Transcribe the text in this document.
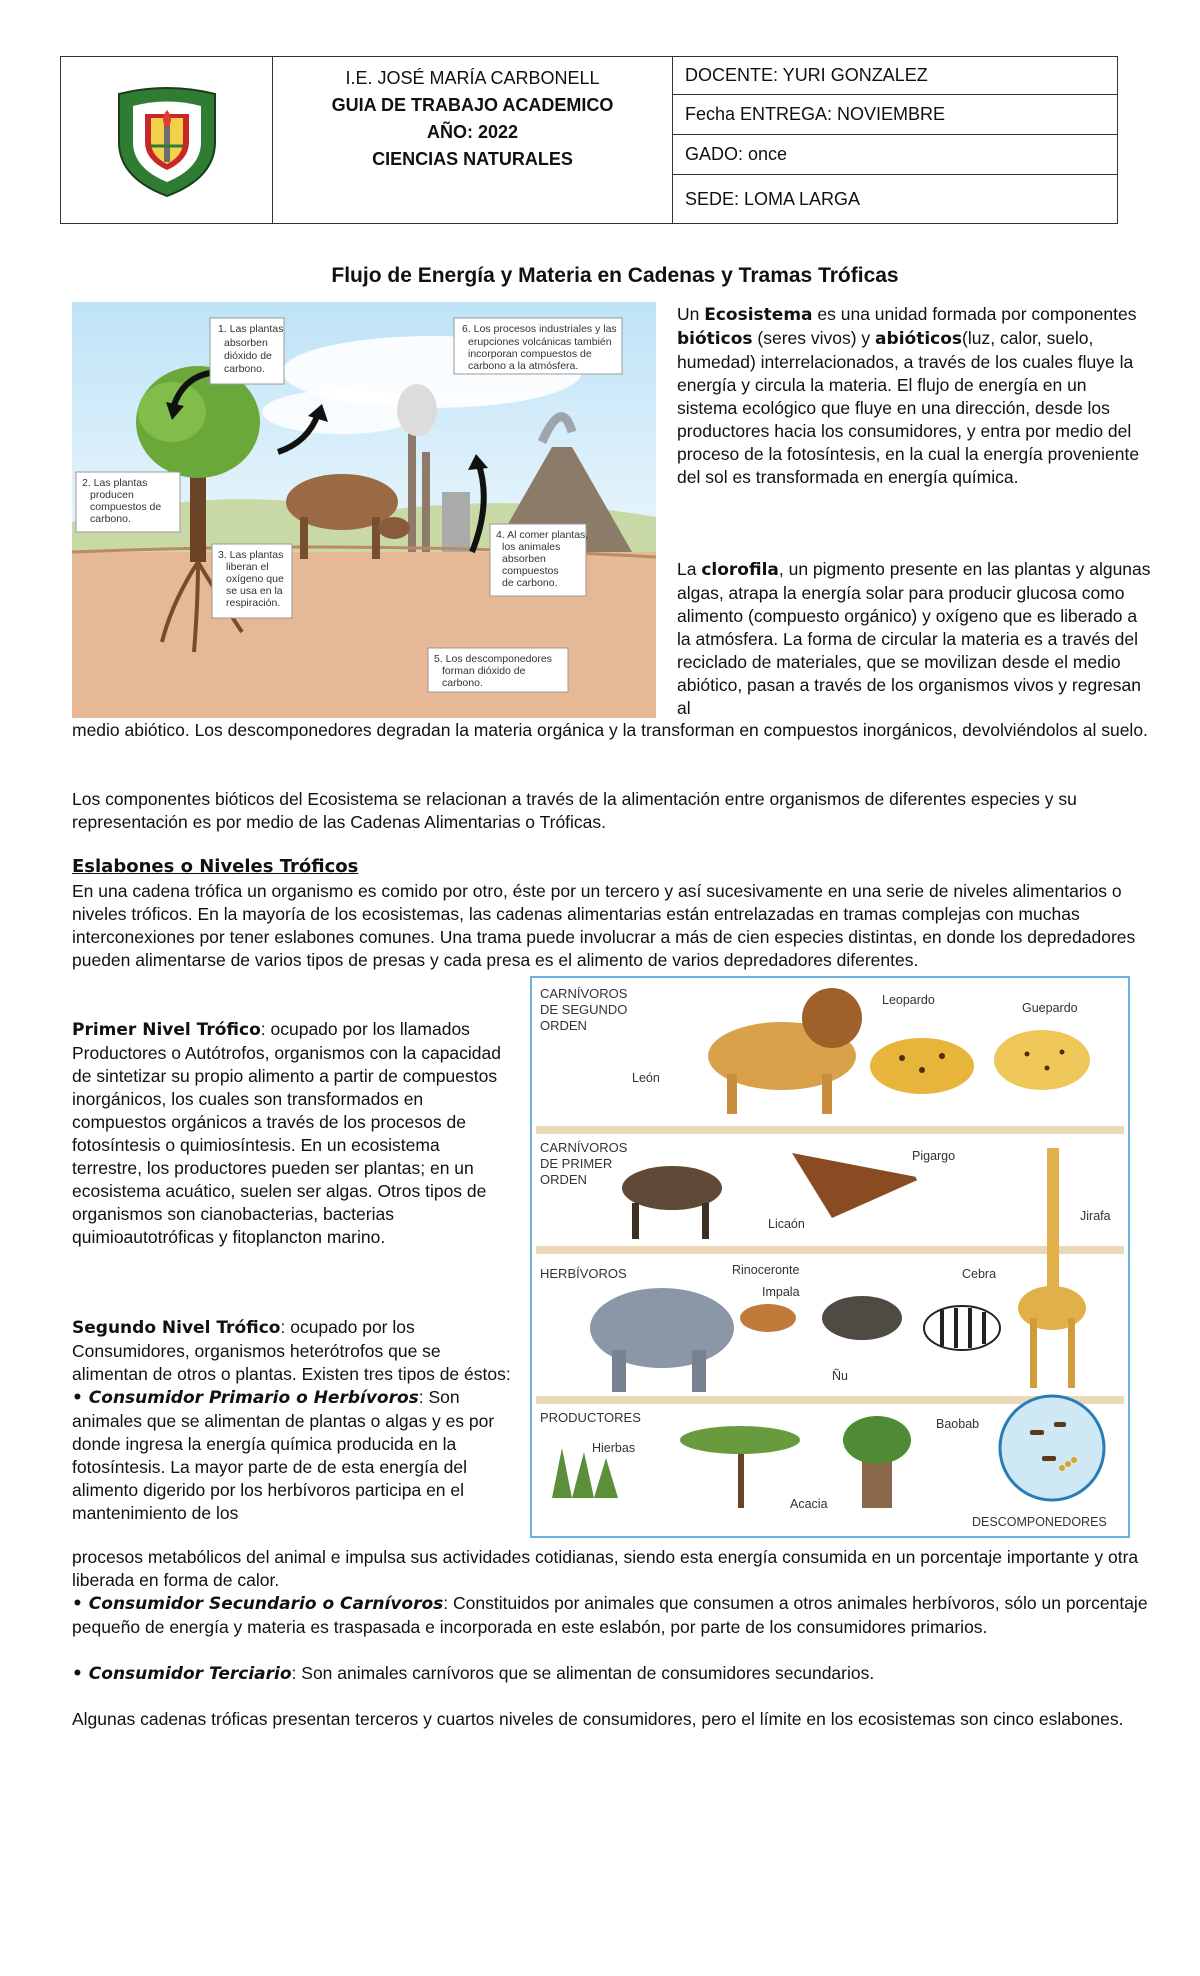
I.E. JOSÉ MARÍA CARBONELL
GUIA DE TRABAJO ACADEMICO
AÑO: 2022
CIENCIAS NATURALES
DOCENTE: YURI GONZALEZ
Fecha ENTREGA: NOVIEMBRE
GADO: once
SEDE: LOMA LARGA
Flujo de Energía y Materia en Cadenas y Tramas Tróficas
1. Las plantas
absorben
dióxido de
carbono.
6. Los procesos industriales y las
erupciones volcánicas también
incorporan compuestos de
carbono a la atmósfera.
2. Las plantas
producen
compuestos de
carbono.
3. Las plantas
liberan el
oxígeno que
se usa en la
respiración.
4. Al comer plantas,
los animales
absorben
compuestos
de carbono.
5. Los descomponedores
forman dióxido de
carbono.

Un Ecosistema es una unidad formada por componentes bióticos (seres vivos) y abióticos(luz, calor, suelo, humedad) interrelacionados, a través de los cuales fluye la energía y circula la materia. El flujo de energía en un sistema ecológico que fluye en una dirección, desde los productores hacia los consumidores, y entra por medio del proceso de la fotosíntesis, en la cual la energía proveniente del sol es transformada en energía química.

La clorofila, un pigmento presente en las plantas y algunas algas, atrapa la energía solar para producir glucosa como alimento (compuesto orgánico) y oxígeno que es liberado a la atmósfera. La forma de circular la materia es a través del reciclado de materiales, que se movilizan desde el medio abiótico, pasan a través de los organismos vivos y regresan al

medio abiótico. Los descomponedores degradan la materia orgánica y la transforman en compuestos inorgánicos, devolviéndolos al suelo.

Los componentes bióticos del Ecosistema se relacionan a través de la alimentación entre organismos de diferentes especies y su representación es por medio de las Cadenas Alimentarias o Tróficas.

Eslabones o Niveles Tróficos

En una cadena trófica un organismo es comido por otro, éste por un tercero y así sucesivamente en una serie de niveles alimentarios o niveles tróficos. En la mayoría de los ecosistemas, las cadenas alimentarias están entrelazadas en tramas complejas con muchas interconexiones por tener eslabones comunes. Una trama puede involucrar a más de cien especies distintas, en donde los depredadores pueden alimentarse de varios tipos de presas y cada presa es el alimento de varios depredadores diferentes.

CARNÍVOROS
DE SEGUNDO
ORDEN
León
Leopardo
Guepardo
CARNÍVOROS
DE PRIMER
ORDEN
Licaón
Pigargo
Jirafa
HERBÍVOROS	Rinoceronte
Impala
Ñu
Cebra
PRODUCTORES
Hierbas
Acacia
Baobab
DESCOMPONEDORES

Primer Nivel Trófico: ocupado por los llamados Productores o Autótrofos, organismos con la capacidad de sintetizar su propio alimento a partir de compuestos inorgánicos, los cuales son transformados en compuestos orgánicos a través de los procesos de fotosíntesis o quimiosíntesis. En un ecosistema terrestre, los productores pueden ser plantas; en un ecosistema acuático, suelen ser algas. Otros tipos de organismos son cianobacterias, bacterias quimioautotróficas y fitoplancton marino.

Segundo Nivel Trófico: ocupado por los Consumidores, organismos heterótrofos que se alimentan de otros o plantas. Existen tres tipos de éstos:
• Consumidor Primario o Herbívoros: Son animales que se alimentan de plantas o algas y es por donde ingresa la energía química producida en la fotosíntesis. La mayor parte de de esta energía del alimento digerido por los herbívoros participa en el mantenimiento de los

procesos metabólicos del animal e impulsa sus actividades cotidianas, siendo esta energía consumida en un porcentaje importante y otra liberada en forma de calor.

• Consumidor Secundario o Carnívoros: Constituidos por animales que consumen a otros animales herbívoros, sólo un porcentaje pequeño de energía y materia es traspasada e incorporada en este eslabón, por parte de los consumidores primarios.

• Consumidor Terciario: Son animales carnívoros que se alimentan de consumidores secundarios.

Algunas cadenas tróficas presentan terceros y cuartos niveles de consumidores, pero el límite en los ecosistemas son cinco eslabones.
